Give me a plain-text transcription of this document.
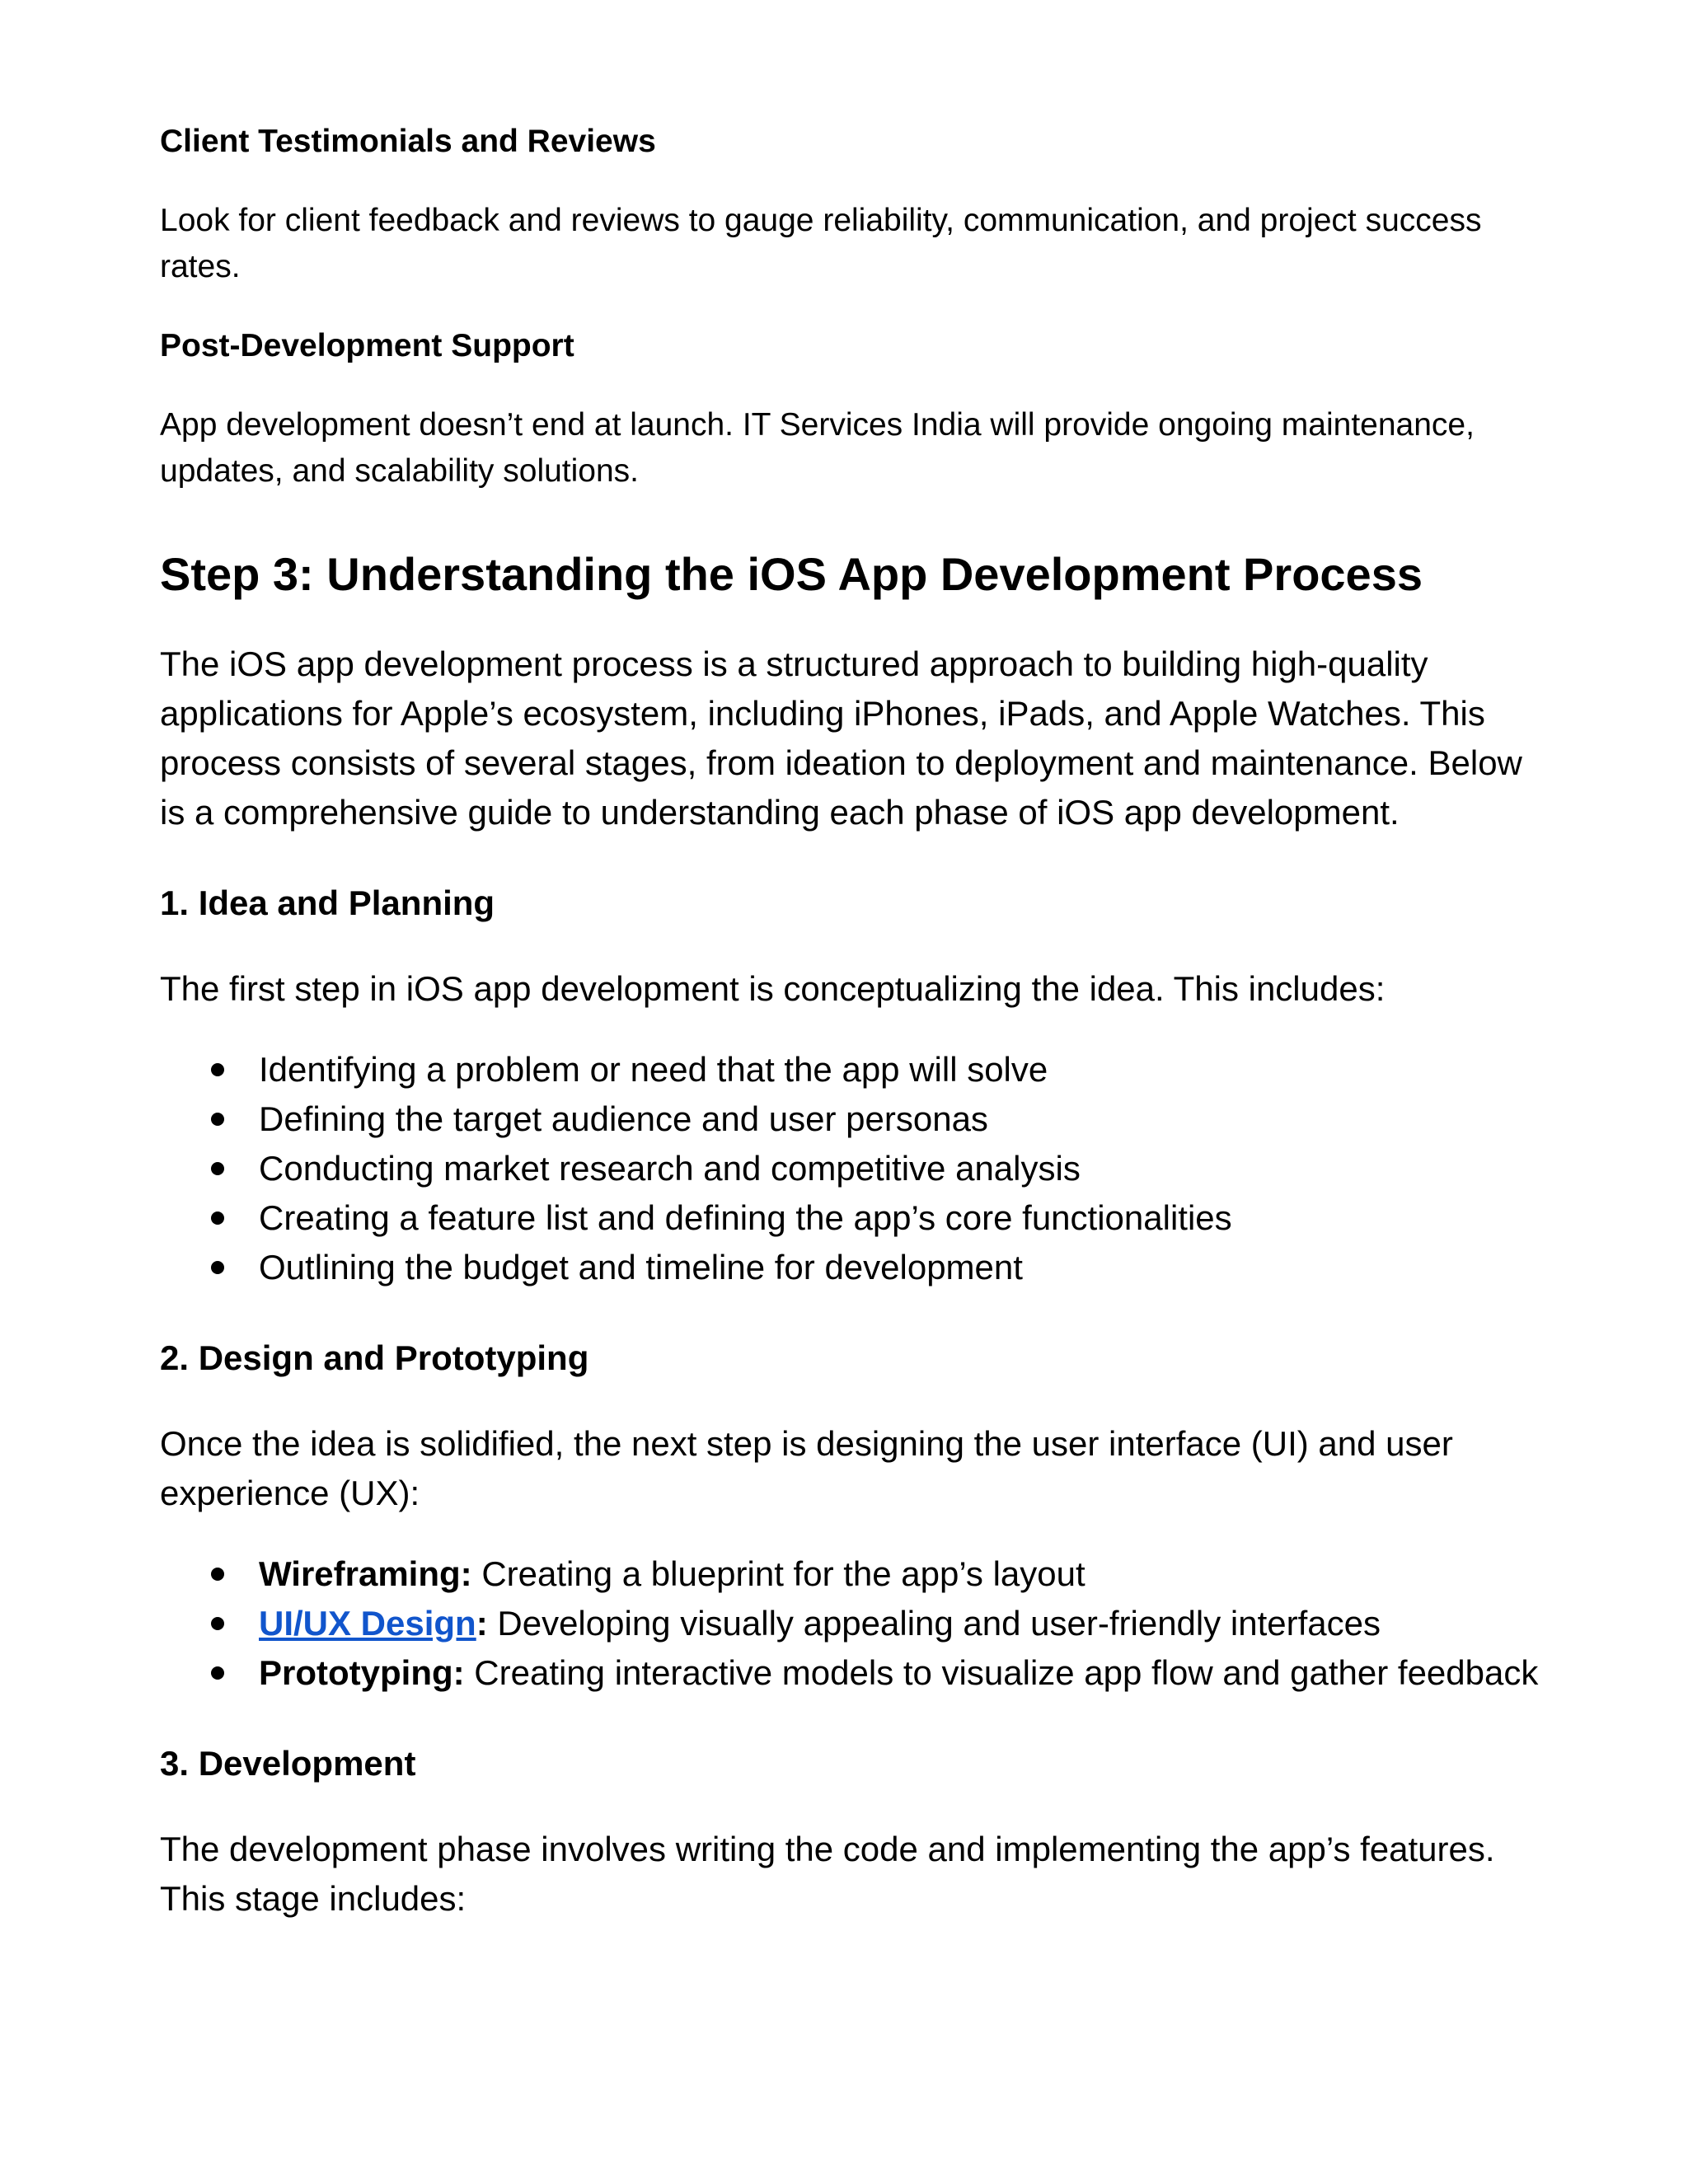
Client Testimonials and Reviews

Look for client feedback and reviews to gauge reliability, communication, and project success rates.

Post-Development Support

App development doesn’t end at launch. IT Services India will provide ongoing maintenance, updates, and scalability solutions.

Step 3: Understanding the iOS App Development Process

The iOS app development process is a structured approach to building high-quality applications for Apple’s ecosystem, including iPhones, iPads, and Apple Watches. This process consists of several stages, from ideation to deployment and maintenance. Below is a comprehensive guide to understanding each phase of iOS app development.

1. Idea and Planning

The first step in iOS app development is conceptualizing the idea. This includes:

Identifying a problem or need that the app will solve
Defining the target audience and user personas
Conducting market research and competitive analysis
Creating a feature list and defining the app’s core functionalities
Outlining the budget and timeline for development
2. Design and Prototyping

Once the idea is solidified, the next step is designing the user interface (UI) and user experience (UX):

Wireframing: Creating a blueprint for the app’s layout
UI/UX Design: Developing visually appealing and user-friendly interfaces
Prototyping: Creating interactive models to visualize app flow and gather feedback
3. Development

The development phase involves writing the code and implementing the app’s features. This stage includes:
